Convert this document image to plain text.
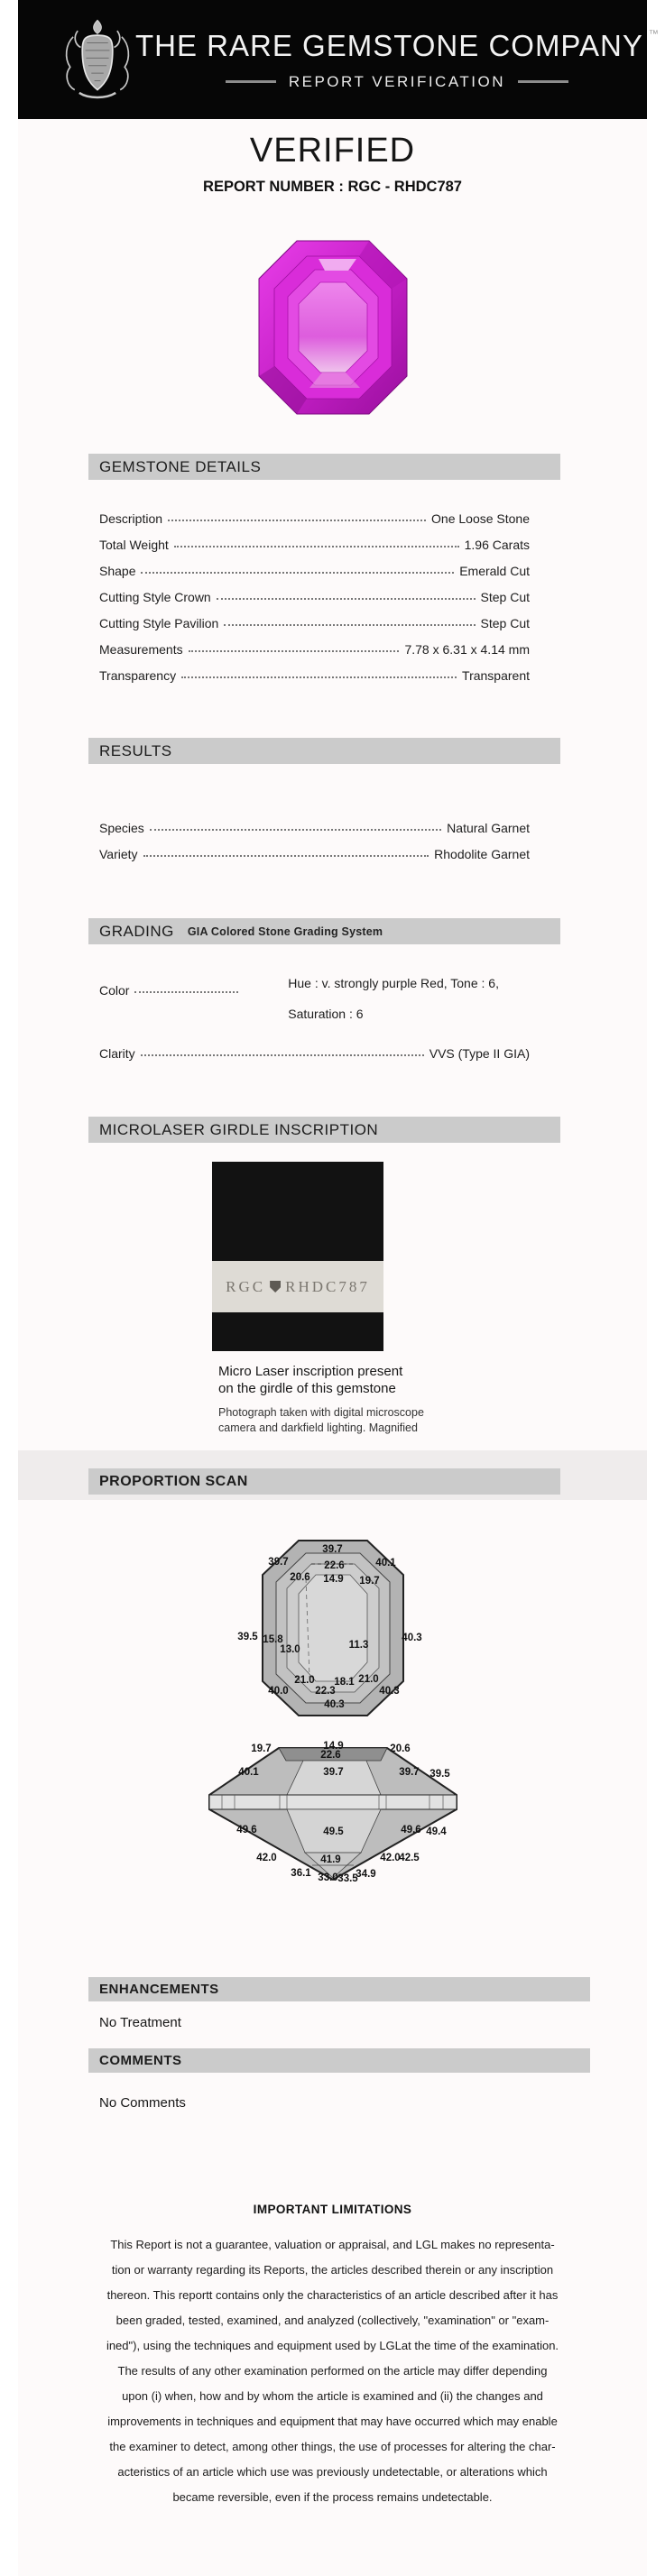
THE RARE GEMSTONE COMPANY ™
REPORT VERIFICATION
VERIFIED
REPORT NUMBER : RGC - RHDC787
GEMSTONE DETAILS
Description	One Loose Stone
Total Weight	1.96 Carats
Shape	Emerald Cut
Cutting Style Crown	Step Cut
Cutting Style Pavilion	Step Cut
Measurements	7.78 x 6.31 x 4.14 mm
Transparency	Transparent
RESULTS
Species	Natural Garnet
Variety	Rhodolite Garnet
GRADING GIA Colored Stone Grading System
Color	Hue : v. strongly purple Red, Tone : 6, Saturation : 6
Clarity	VVS (Type II GIA)
MICROLASER GIRDLE INSCRIPTION
RGC RHDC787
Micro Laser inscription present
on the girdle of this gemstone
Photograph taken with digital microscope
camera and darkfield lighting. Magnified
PROPORTION SCAN
39.7
39.7	22.6	40.1
20.6 14.9 19.7
39.5 15.8
13.0	11.3
40.3
21.0 18.1 21.0
40.0	22.3	40.3
40.3
19.7	14.9
22.6
20.6
40.1	39.7	39.7 39.5
49.6	49.5	49.6 49.4
42.0	41.9	42.0
42.5
36.1 33.0 33.5
34.9
ENHANCEMENTS
No Treatment
COMMENTS
No Comments
IMPORTANT LIMITATIONS
This Report is not a guarantee, valuation or appraisal, and LGL makes no representa-
tion or warranty regarding its Reports, the articles described therein or any inscription
thereon. This reportt contains only the characteristics of an article described after it has
been graded, tested, examined, and analyzed (collectively, "examination" or "exam-
ined"), using the techniques and equipment used by LGLat the time of the examination.
The results of any other examination performed on the article may differ depending
upon (i) when, how and by whom the article is examined and (ii) the changes and
improvements in techniques and equipment that may have occurred which may enable
the examiner to detect, among other things, the use of processes for altering the char-
acteristics of an article which use was previously undetectable, or alterations which
became reversible, even if the process remains undetectable.
